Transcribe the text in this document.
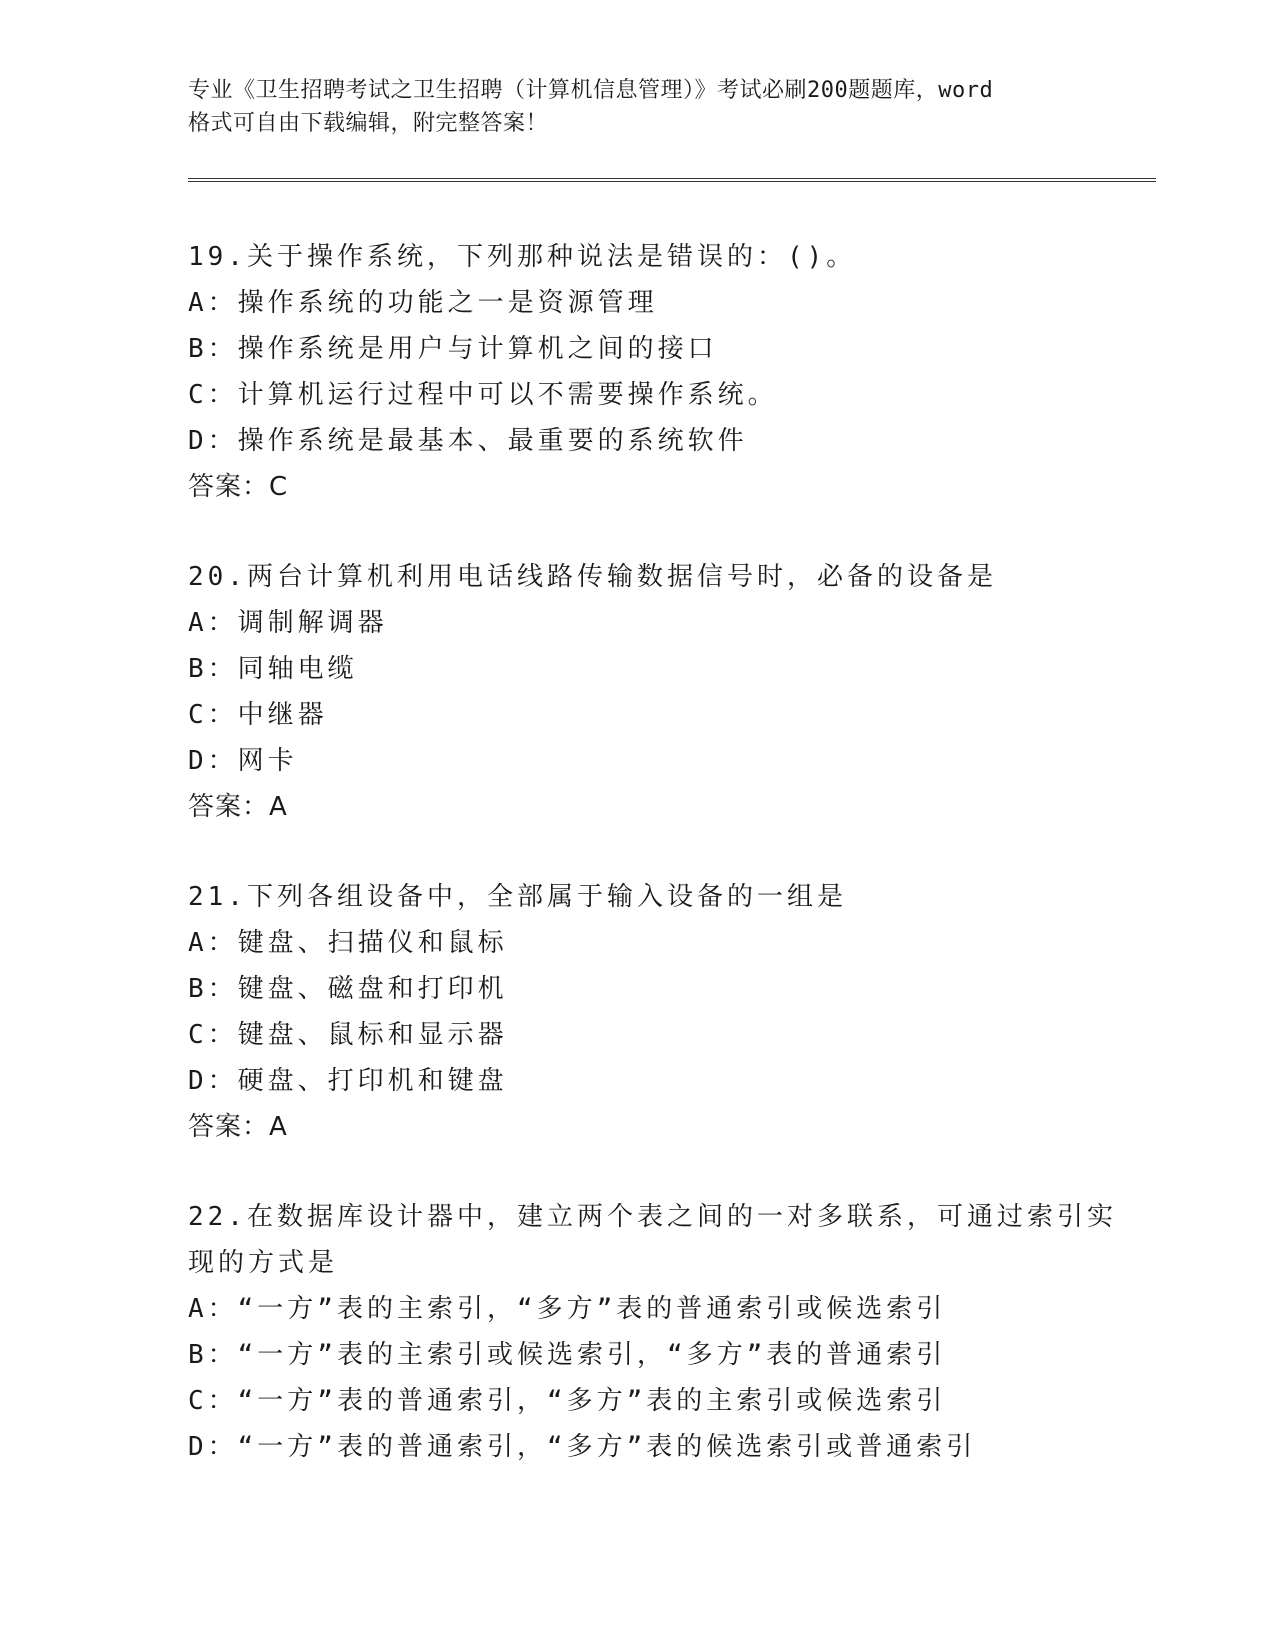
专业《卫生招聘考试之卫生招聘（计算机信息管理）》考试必刷200题题库，word
格式可自由下载编辑，附完整答案！
19.关于操作系统，下列那种说法是错误的：()。
A：操作系统的功能之一是资源管理
B：操作系统是用户与计算机之间的接口
C：计算机运行过程中可以不需要操作系统。
D：操作系统是最基本、最重要的系统软件
答案：C
20.两台计算机利用电话线路传输数据信号时，必备的设备是
A：调制解调器
B：同轴电缆
C：中继器
D：网卡
答案：A
21.下列各组设备中，全部属于输入设备的一组是
A：键盘、扫描仪和鼠标
B：键盘、磁盘和打印机
C：键盘、鼠标和显示器
D：硬盘、打印机和键盘
答案：A
22.在数据库设计器中，建立两个表之间的一对多联系，可通过索引实
现的方式是
A：“一方”表的主索引，“多方”表的普通索引或候选索引
B：“一方”表的主索引或候选索引，“多方”表的普通索引
C：“一方”表的普通索引，“多方”表的主索引或候选索引
D：“一方”表的普通索引，“多方”表的候选索引或普通索引
